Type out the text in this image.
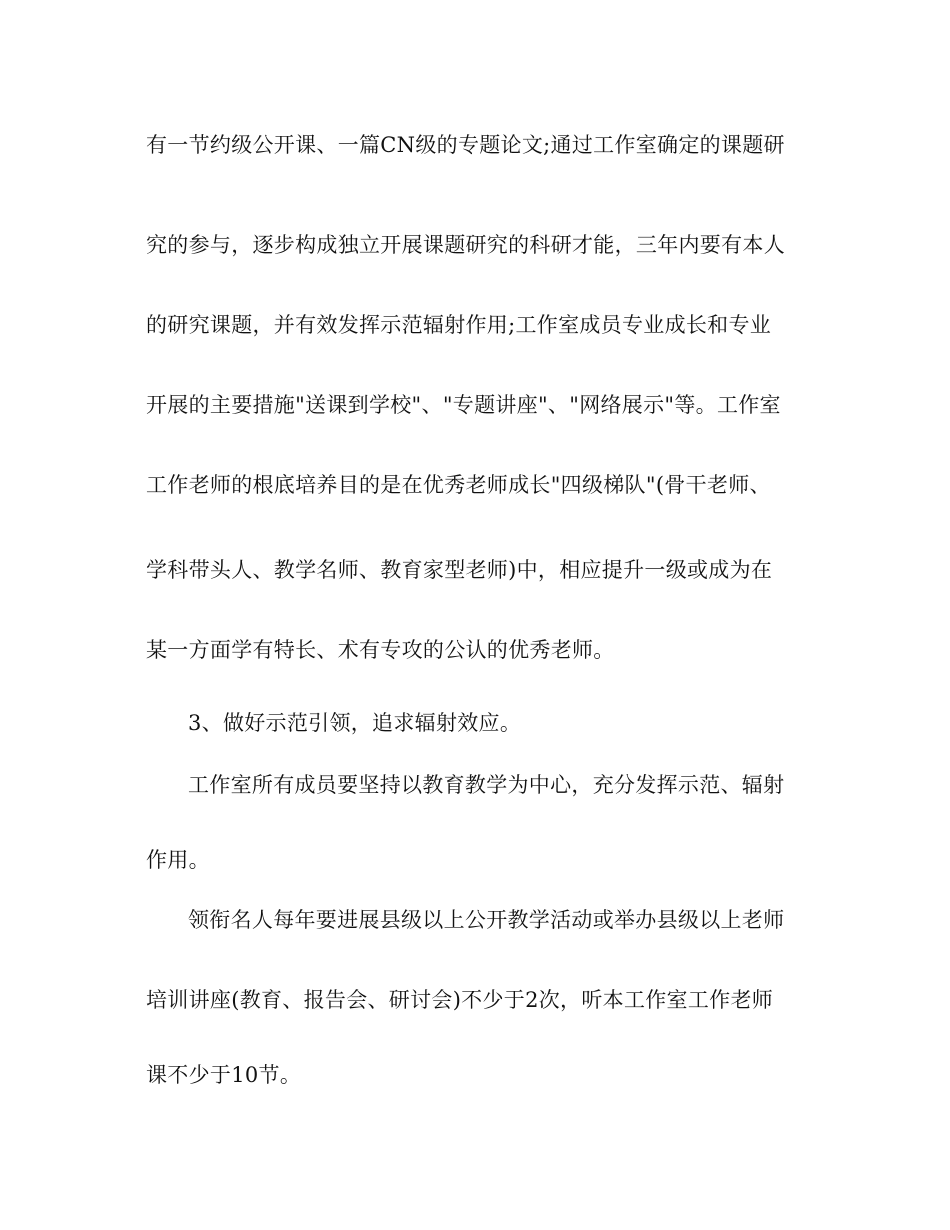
有一节约级公开课、一篇CN级的专题论文;通过工作室确定的课题研
究的参与，逐步构成独立开展课题研究的科研才能，三年内要有本人
的研究课题，并有效发挥示范辐射作用;工作室成员专业成长和专业
开展的主要措施"送课到学校"、"专题讲座"、"网络展示"等。工作室
工作老师的根底培养目的是在优秀老师成长"四级梯队"(骨干老师、
学科带头人、教学名师、教育家型老师)中，相应提升一级或成为在
某一方面学有特长、术有专攻的公认的优秀老师。
3、做好示范引领，追求辐射效应。
工作室所有成员要坚持以教育教学为中心，充分发挥示范、辐射
作用。
领衔名人每年要进展县级以上公开教学活动或举办县级以上老师
培训讲座(教育、报告会、研讨会)不少于2次，听本工作室工作老师
课不少于10节。
